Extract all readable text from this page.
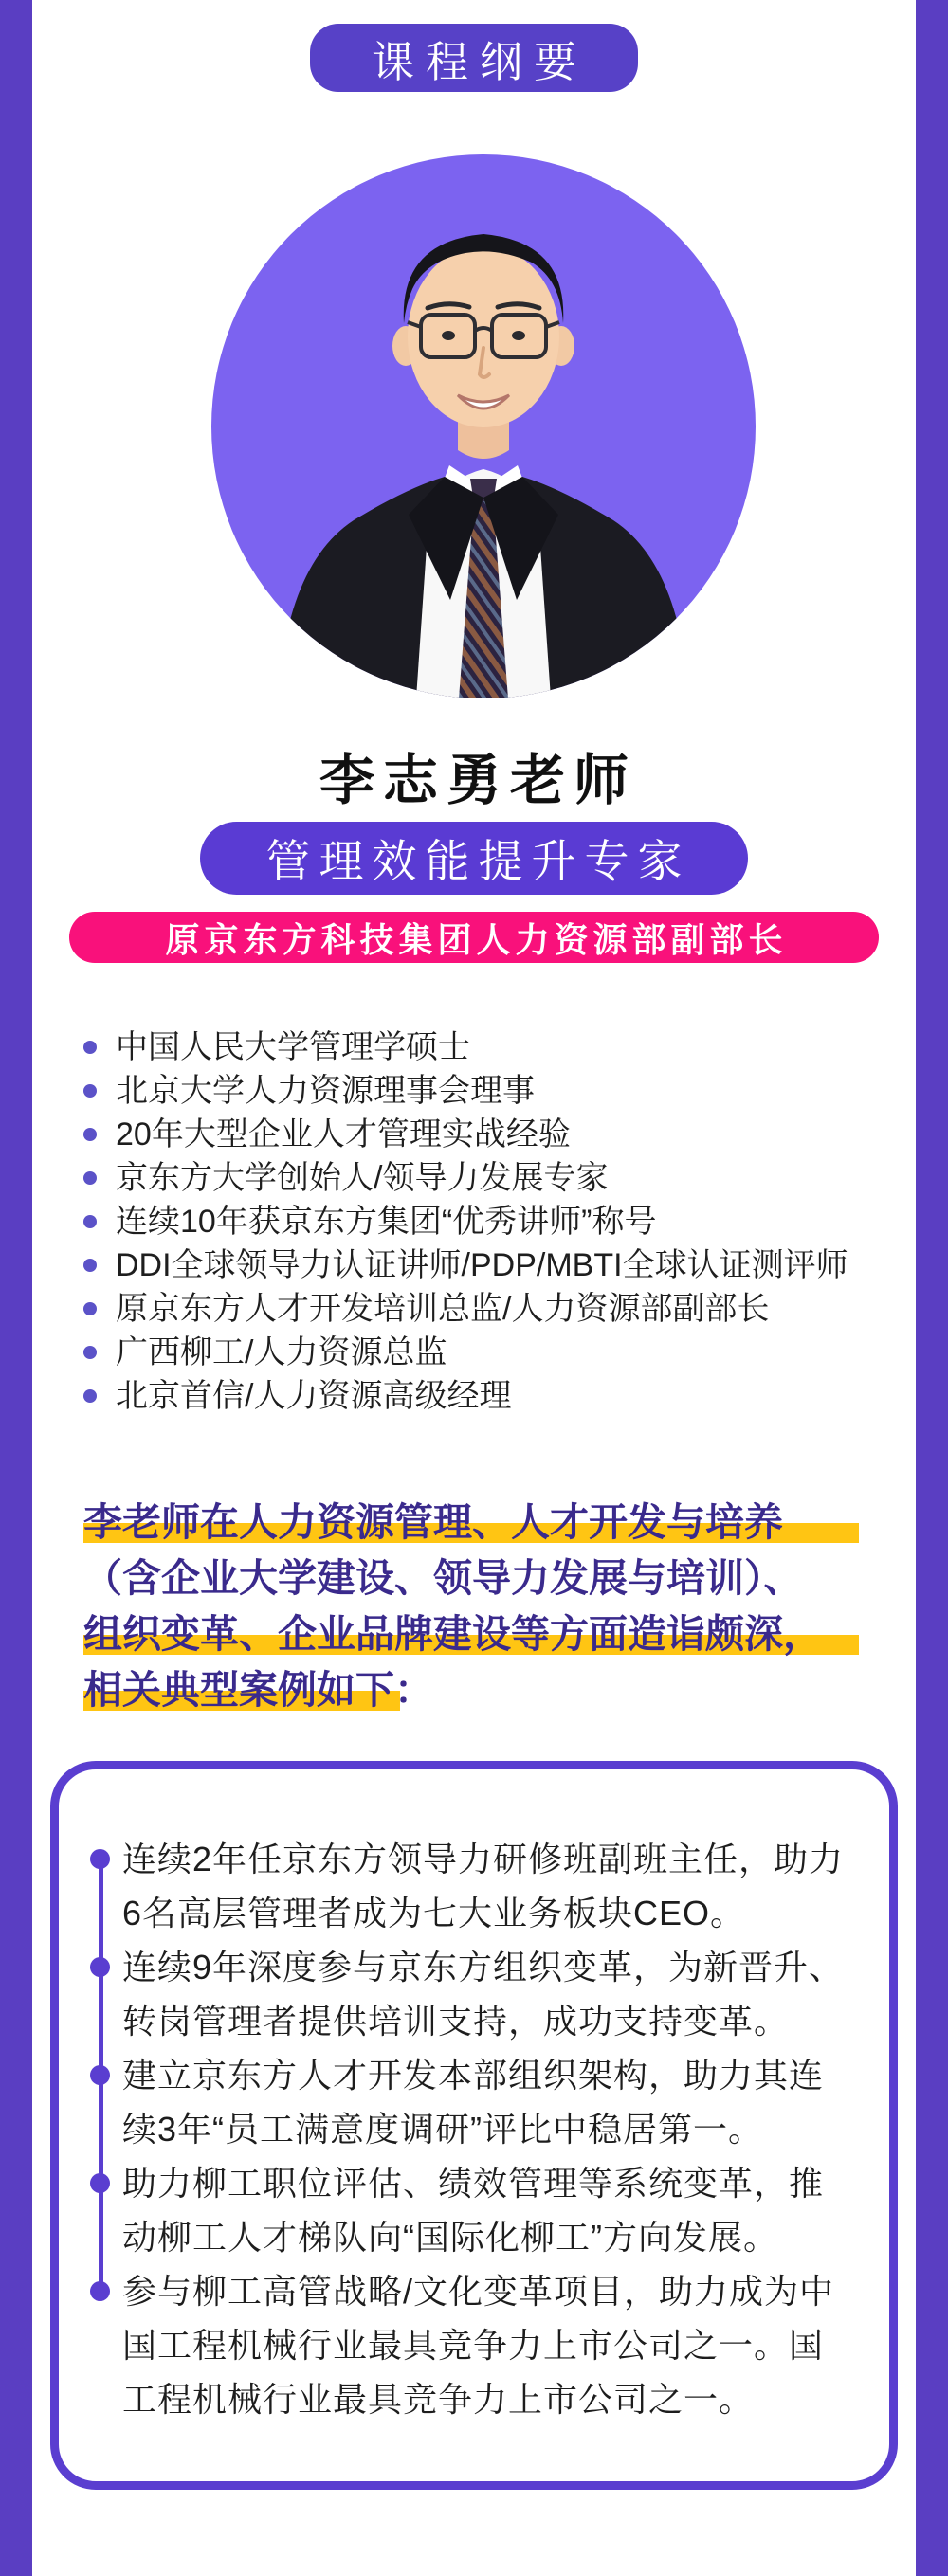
课程纲要
李志勇老师
管理效能提升专家
原京东方科技集团人力资源部副部长
中国人民大学管理学硕士
北京大学人力资源理事会理事
20年大型企业人才管理实战经验
京东方大学创始人/领导力发展专家
连续10年获京东方集团“优秀讲师”称号
DDI全球领导力认证讲师/PDP/MBTI全球认证测评师
原京东方人才开发培训总监/人力资源部副部长
广西柳工/人力资源总监
北京首信/人力资源高级经理
李老师在人力资源管理、人才开发与培养
（含企业大学建设、领导力发展与培训）、
组织变革、企业品牌建设等方面造诣颇深，
相关典型案例如下：
连续2年任京东方领导力研修班副班主任，助力6名高层管理者成为七大业务板块CEO。
连续9年深度参与京东方组织变革，为新晋升、转岗管理者提供培训支持，成功支持变革。
建立京东方人才开发本部组织架构，助力其连续3年“员工满意度调研”评比中稳居第一。
助力柳工职位评估、绩效管理等系统变革，推动柳工人才梯队向“国际化柳工”方向发展。
参与柳工高管战略/文化变革项目，助力成为中国工程机械行业最具竞争力上市公司之一。国工程机械行业最具竞争力上市公司之一。
